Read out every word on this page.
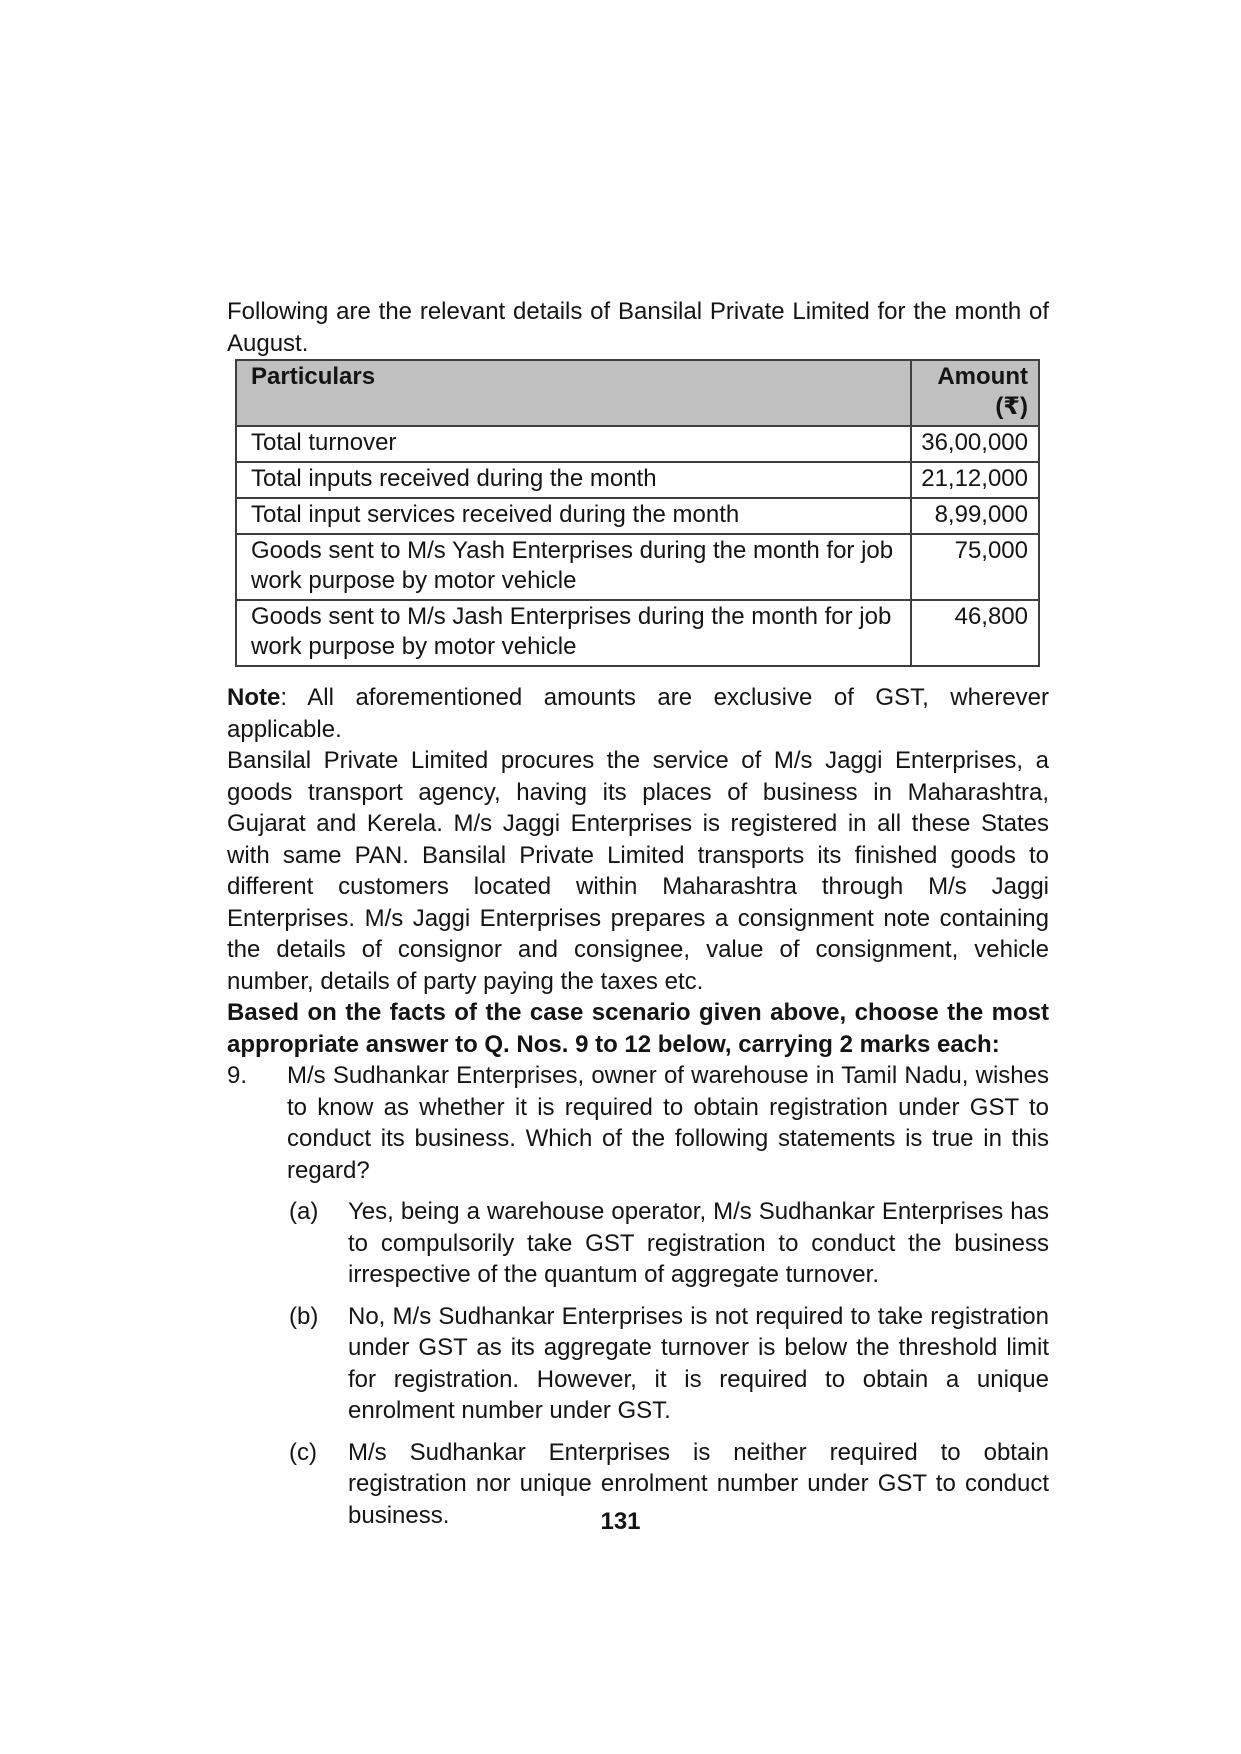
Following are the relevant details of Bansilal Private Limited for the month of August.

Particulars	Amount (₹)
Total turnover	36,00,000
Total inputs received during the month	21,12,000
Total input services received during the month	8,99,000
Goods sent to M/s Yash Enterprises during the month for job work purpose by motor vehicle	75,000
Goods sent to M/s Jash Enterprises during the month for job work purpose by motor vehicle	46,800

Note: All aforementioned amounts are exclusive of GST, wherever applicable.

Bansilal Private Limited procures the service of M/s Jaggi Enterprises, a goods transport agency, having its places of business in Maharashtra, Gujarat and Kerela. M/s Jaggi Enterprises is registered in all these States with same PAN. Bansilal Private Limited transports its finished goods to different customers located within Maharashtra through M/s Jaggi Enterprises. M/s Jaggi Enterprises prepares a consignment note containing the details of consignor and consignee, value of consignment, vehicle number, details of party paying the taxes etc.

Based on the facts of the case scenario given above, choose the most appropriate answer to Q. Nos. 9 to 12 below, carrying 2 marks each:

9.	M/s Sudhankar Enterprises, owner of warehouse in Tamil Nadu, wishes to know as whether it is required to obtain registration under GST to conduct its business. Which of the following statements is true in this regard?

(a)	Yes, being a warehouse operator, M/s Sudhankar Enterprises has to compulsorily take GST registration to conduct the business irrespective of the quantum of aggregate turnover.

(b)	No, M/s Sudhankar Enterprises is not required to take registration under GST as its aggregate turnover is below the threshold limit for registration. However, it is required to obtain a unique enrolment number under GST.

(c)	M/s Sudhankar Enterprises is neither required to obtain registration nor unique enrolment number under GST to conduct business.	131
